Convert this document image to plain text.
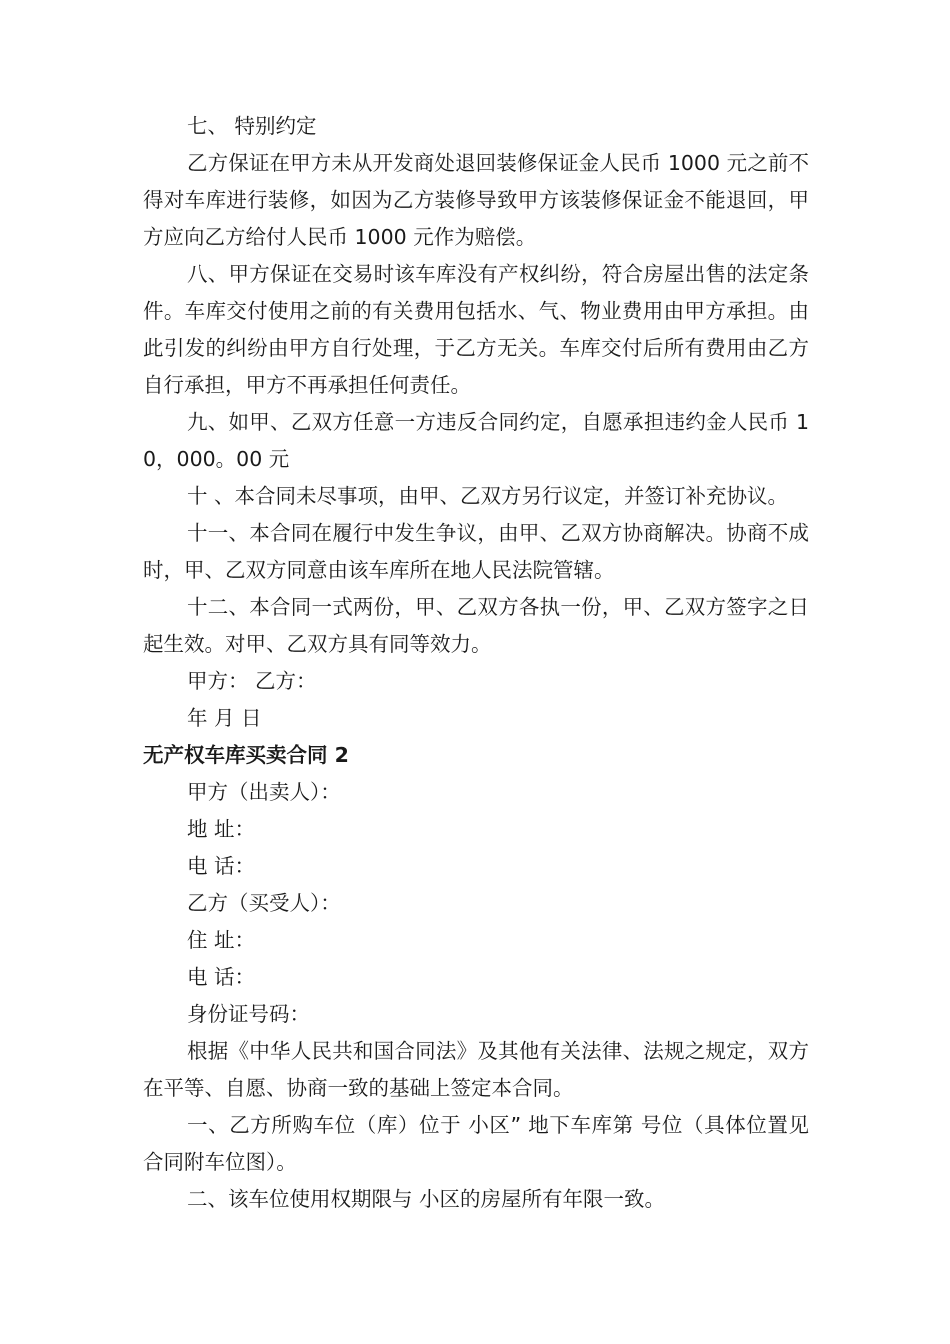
七、 特别约定

乙方保证在甲方未从开发商处退回装修保证金人民币 1000 元之前不得对车库进行装修，如因为乙方装修导致甲方该装修保证金不能退回，甲方应向乙方给付人民币 1000 元作为赔偿。

八、甲方保证在交易时该车库没有产权纠纷，符合房屋出售的法定条件。车库交付使用之前的有关费用包括水、气、物业费用由甲方承担。由此引发的纠纷由甲方自行处理，于乙方无关。车库交付后所有费用由乙方自行承担，甲方不再承担任何责任。

九、如甲、乙双方任意一方违反合同约定，自愿承担违约金人民币 10，000。00 元

十 、本合同未尽事项，由甲、乙双方另行议定，并签订补充协议。

十一、本合同在履行中发生争议，由甲、乙双方协商解决。协商不成时，甲、乙双方同意由该车库所在地人民法院管辖。

十二、本合同一式两份，甲、乙双方各执一份，甲、乙双方签字之日起生效。对甲、乙双方具有同等效力。

甲方： 乙方：

年 月 日

无产权车库买卖合同 2

甲方（出卖人）：

地 址：

电 话：

乙方（买受人）：

住 址：

电 话：

身份证号码：

根据《中华人民共和国合同法》及其他有关法律、法规之规定，双方在平等、自愿、协商一致的基础上签定本合同。

一、乙方所购车位（库）位于 小区” 地下车库第 号位（具体位置见合同附车位图）。

二、该车位使用权期限与 小区的房屋所有年限一致。
